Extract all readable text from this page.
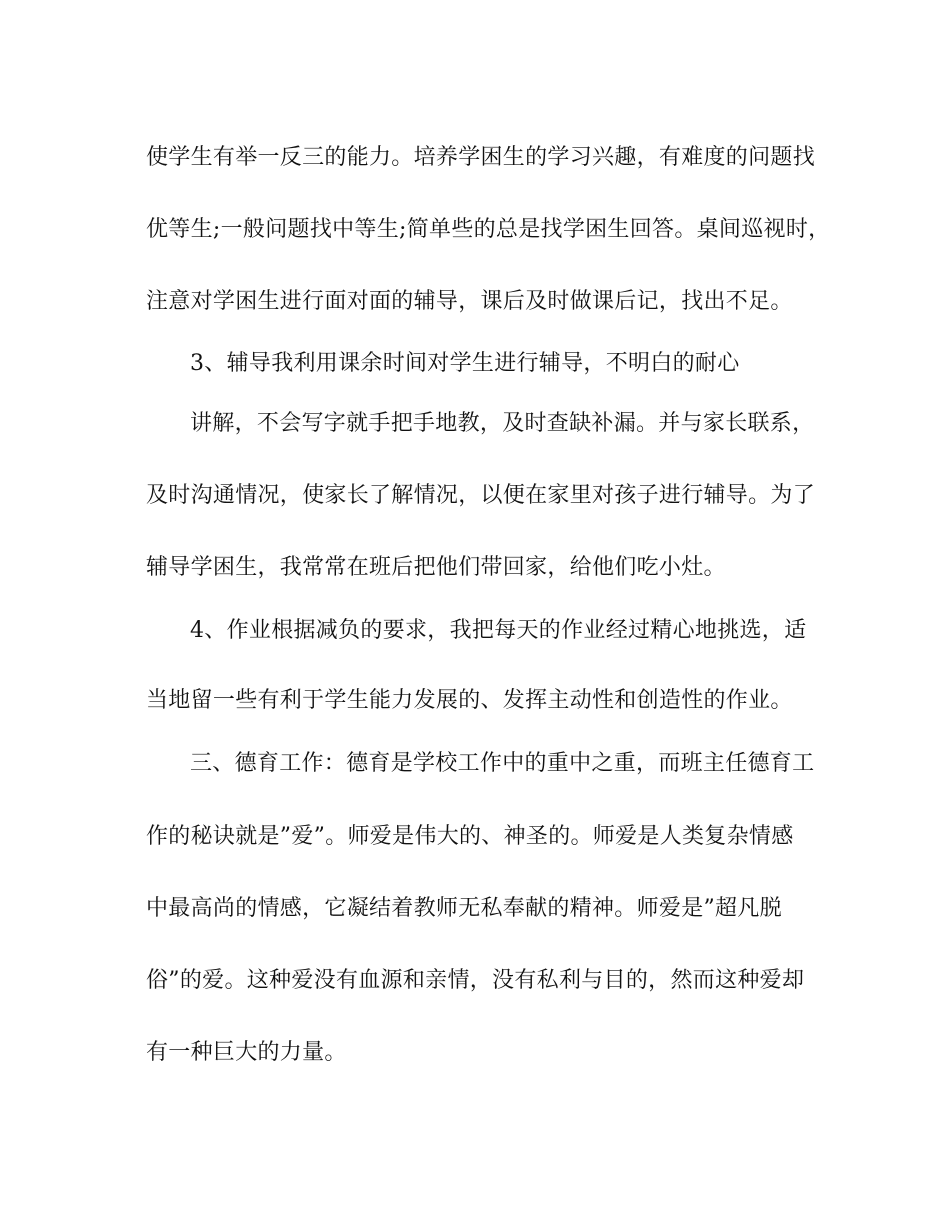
使学生有举一反三的能力。培养学困生的学习兴趣，有难度的问题找
优等生;一般问题找中等生;简单些的总是找学困生回答。桌间巡视时，
注意对学困生进行面对面的辅导，课后及时做课后记，找出不足。
3、辅导我利用课余时间对学生进行辅导，不明白的耐心
讲解，不会写字就手把手地教，及时查缺补漏。并与家长联系，
及时沟通情况，使家长了解情况，以便在家里对孩子进行辅导。为了
辅导学困生，我常常在班后把他们带回家，给他们吃小灶。
4、作业根据减负的要求，我把每天的作业经过精心地挑选，适
当地留一些有利于学生能力发展的、发挥主动性和创造性的作业。
三、德育工作：德育是学校工作中的重中之重，而班主任德育工
作的秘诀就是”爱”。师爱是伟大的、神圣的。师爱是人类复杂情感
中最高尚的情感，它凝结着教师无私奉献的精神。师爱是”超凡脱
俗”的爱。这种爱没有血源和亲情，没有私利与目的，然而这种爱却
有一种巨大的力量。
